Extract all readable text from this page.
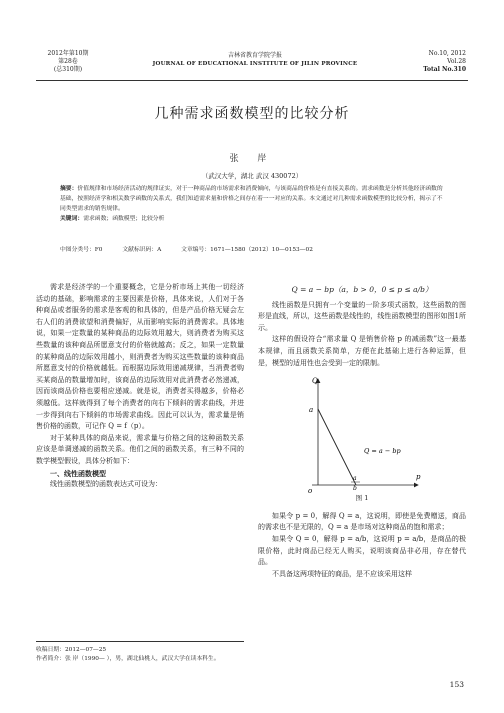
2012年第10期
第28卷
(总310期)
吉林省教育学院学报
JOURNAL OF EDUCATIONAL INSTITUTE OF JILIN PROVINCE
No.10, 2012
Vol.28
Total No.310
几种需求函数模型的比较分析
张 岸
（武汉大学，湖北 武汉 430072）
摘要：价值规律和市场经济活动的规律证实，对于一种商品的市场需求和消费倾向，与该商品的价格是有直接关系的。需求函数是分析其他经济函数的基础，按照经济学和相关数学函数的关系式，我们知道需求量和价格之间存在着一一对应的关系。本文通过对几种需求函数模型的比较分析，揭示了不同类型需求的销售规律。
关键词：需求函数；函数模型；比较分析
中图分类号：F0	文献标识码：A	文章编号：1671—1580（2012）10—0153—02

需求是经济学的一个重要概念，它是分析市场上其他一切经济活动的基础，影响需求的主要因素是价格，具体来说，人们对于各种商品或者服务的需求是客观的和具体的，但是产品价格无疑会左右人们的消费欲望和消费偏好，从而影响实际的消费需求。具体地说，如果一定数量的某种商品的边际效用越大，则消费者为购买这些数量的该种商品所愿意支付的价格就越高；反之，如果一定数量的某种商品的边际效用越小，则消费者为购买这些数量的该种商品所愿意支付的价格就越低。而根据边际效用递减规律，当消费者购买某商品的数量增加时，该商品的边际效用对此消费者必然递减，因而该商品价格也要相应递减。就是说，消费者买得越多，价格必须越低。这样就得到了每个消费者的向右下倾斜的需求曲线，并进一步得到向右下倾斜的市场需求曲线。因此可以认为，需求量是销售价格的函数，可记作 Q = f（p）。

对于某种具体的商品来说，需求量与价格之间的这种函数关系应该是单调递减的函数关系。他们之间的函数关系，有三种不同的数学模型假设，具体分析如下：

一、线性函数模型

线性函数模型的函数表达式可设为：

Q = a − bp（a，b > 0，0 ≤ p ≤ a/b）

线性函数是只拥有一个变量的一阶多项式函数，这些函数的图形是直线，所以，这些函数是线性的，线性函数模型的图形如图1所示。

这样的假设符合“需求量 Q 是销售价格 p 的减函数”这一最基本规律，而且函数关系简单，方便在此基础上进行各种运算，但是，模型的适用性也会受到一定的限制。

Q
p
o
a
a
b
Q = a − bp
图 1

如果令 p = 0，解得 Q = a，这说明，即使是免费赠送，商品的需求也不是无限的，Q = a 是市场对这种商品的饱和需求；

如果令 Q = 0，解得 p = a/b，这说明 p = a/b，是商品的极限价格，此时商品已经无人购买，说明该商品非必用，存在替代品。

不具备这两项特征的商品，是不应该采用这样

收稿日期：2012—07—25
作者简介：张 岸（1990— ），男，湖北仙桃人，武汉大学在读本科生。
153
